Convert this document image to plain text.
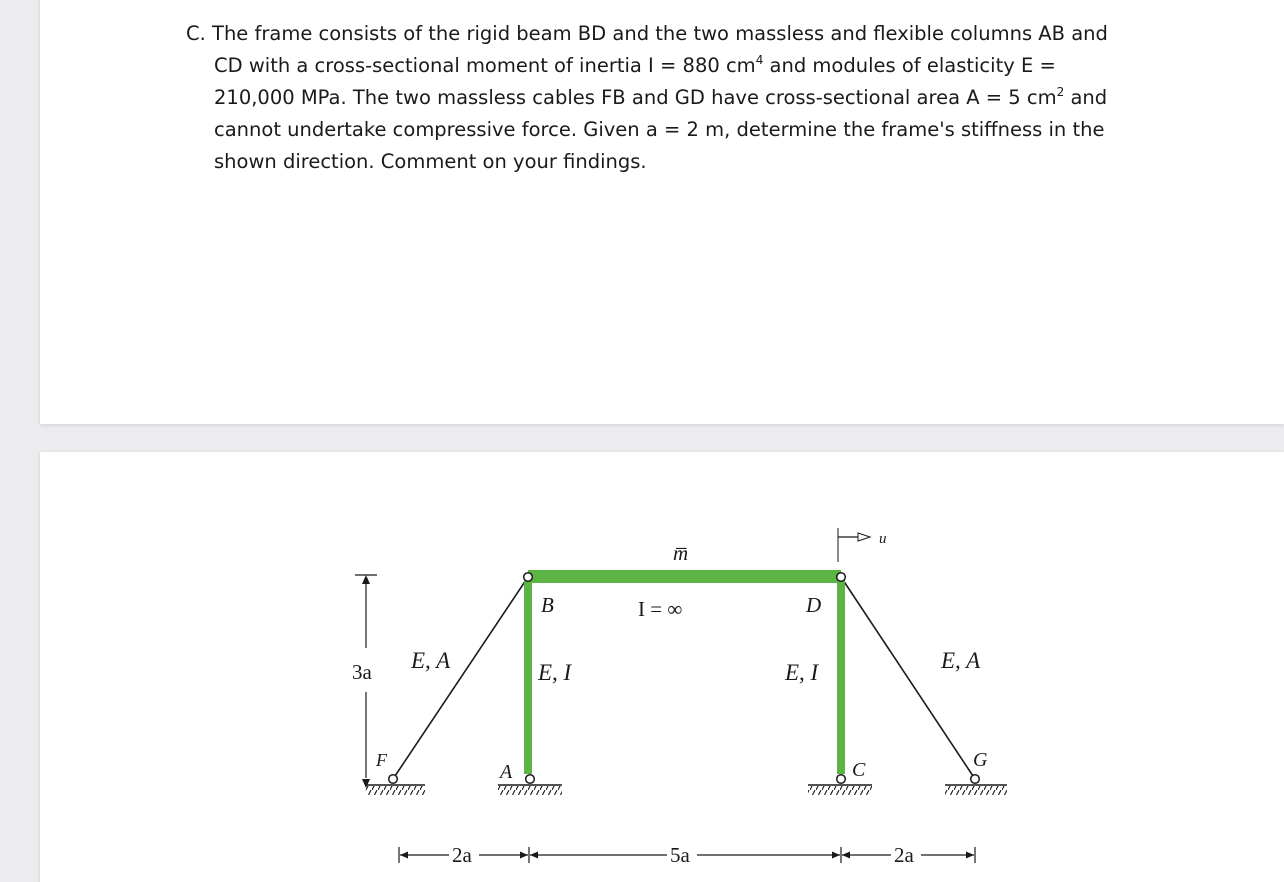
C. The frame consists of the rigid beam BD and the two massless and flexible columns AB and
CD with a cross-sectional moment of inertia I = 880 $cm^4$ and modules of elasticity E =
210,000 MPa. The two massless cables FB and GD have cross-sectional area A = 5 $cm^2$ and
cannot undertake compressive force. Given a = 2 m, determine the frame's stiffness in the
shown direction. Comment on your findings.
u
3a
m̅
I = ∞
B	D
E, I	E, I
E, A	E, A
F
A	C	G
2a	5a	2a
